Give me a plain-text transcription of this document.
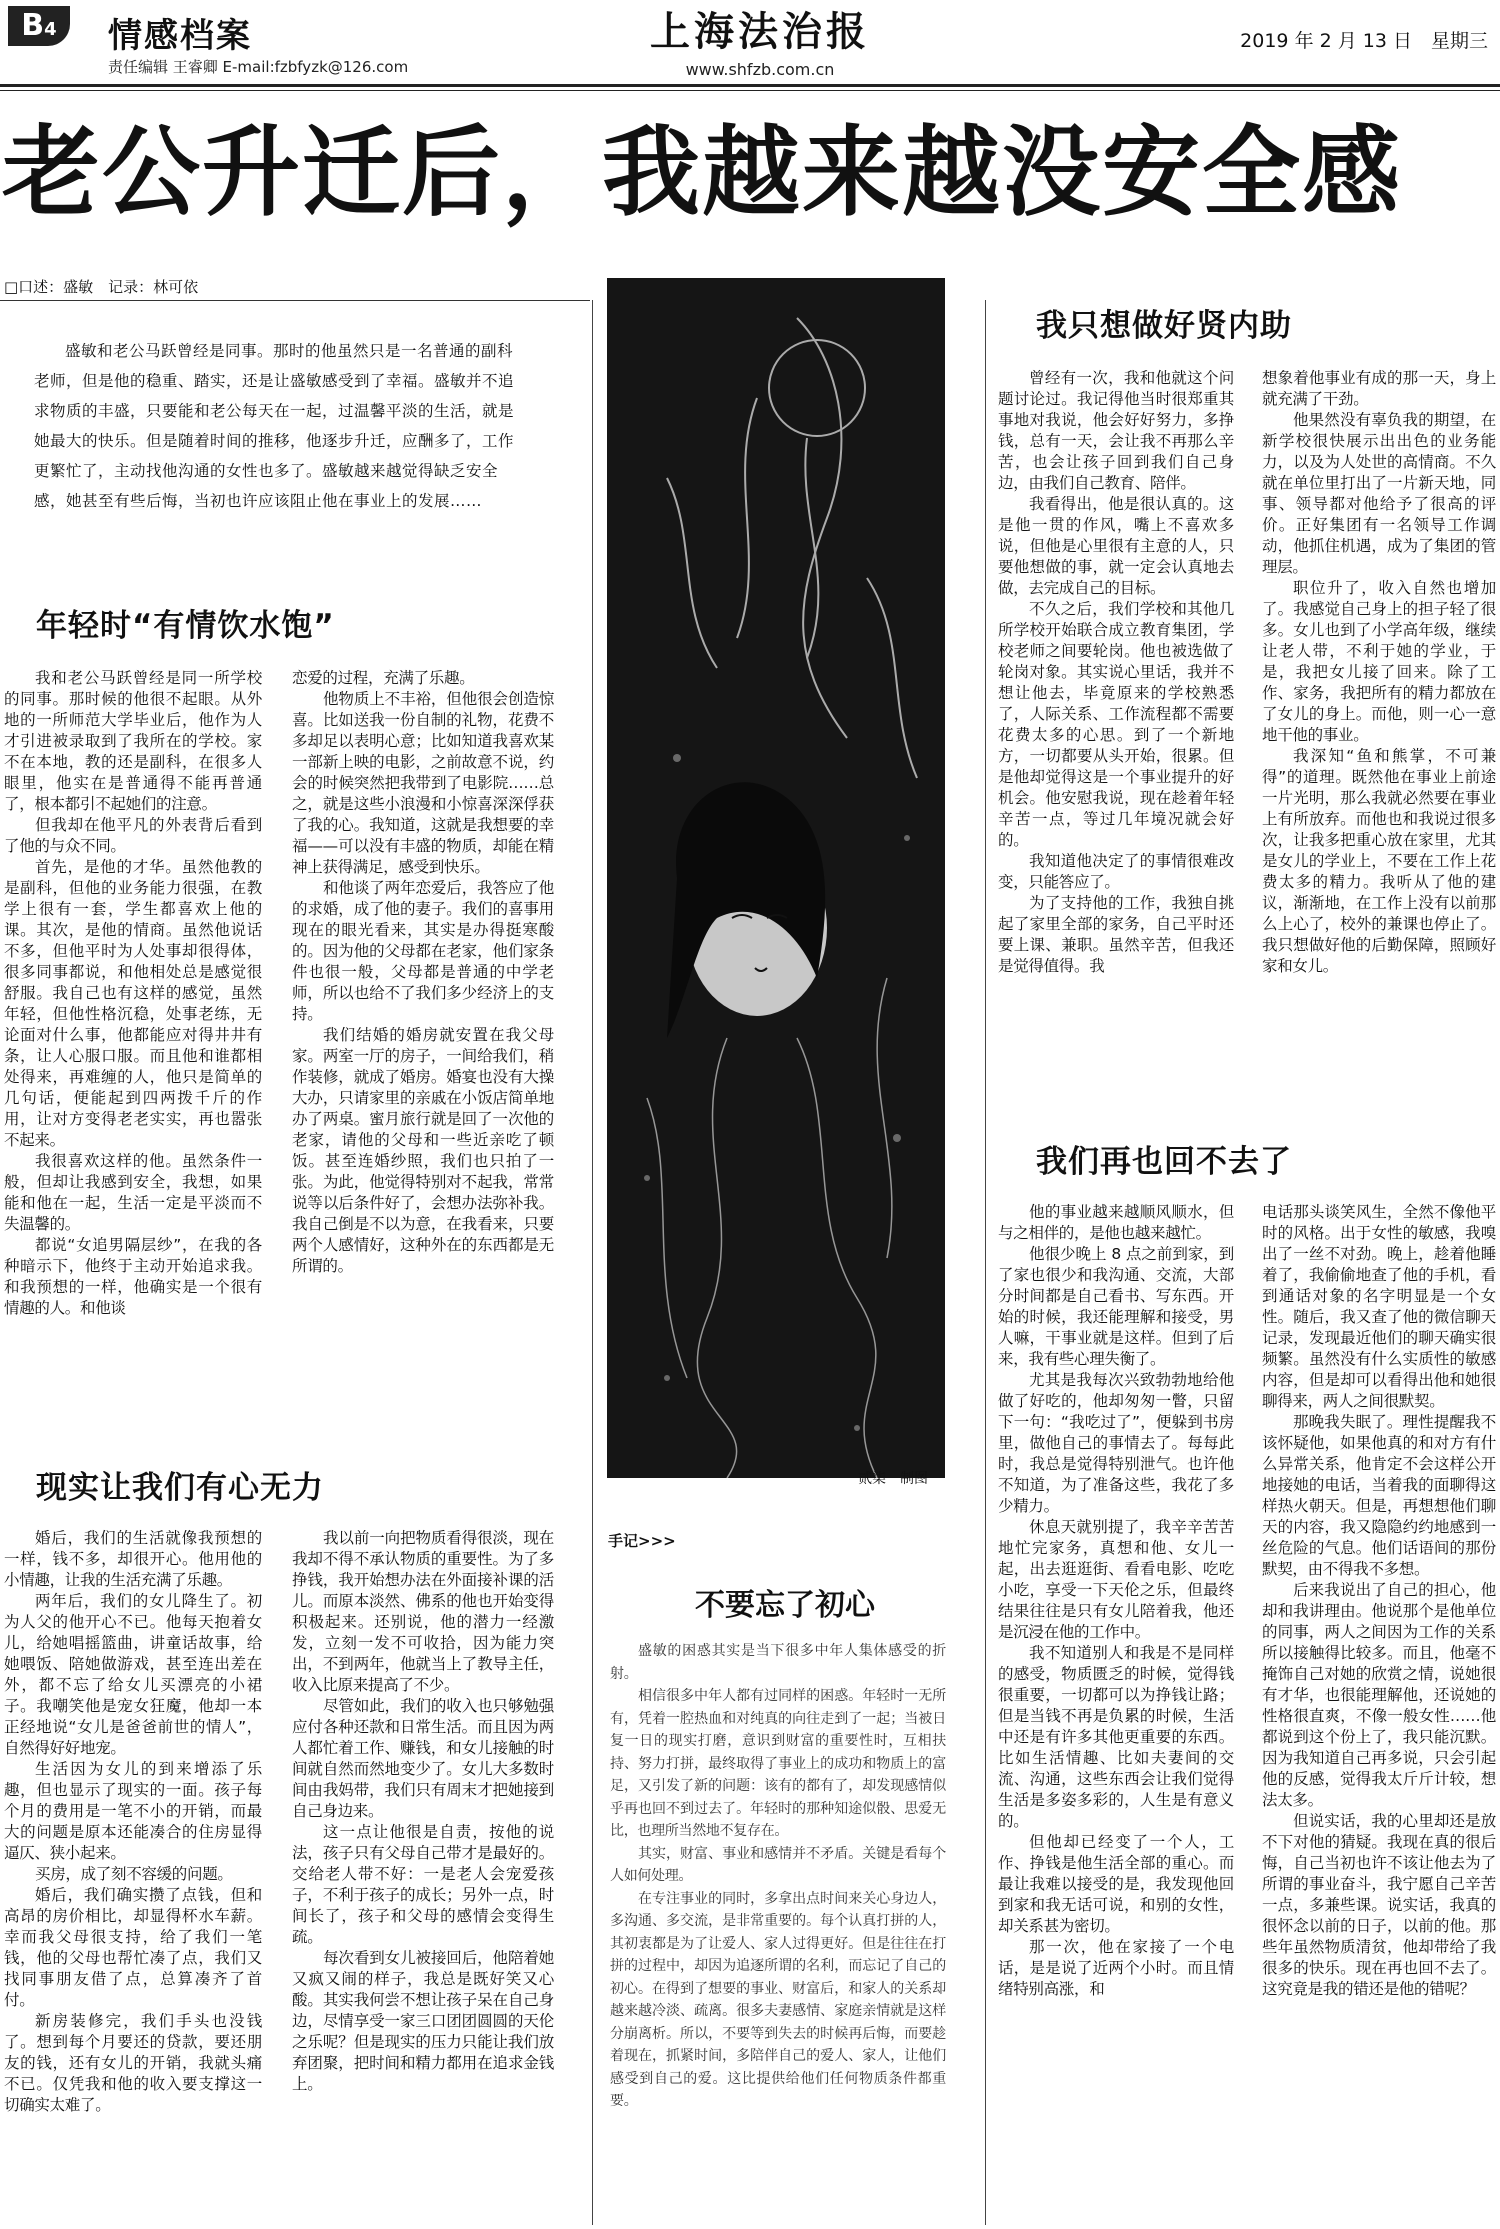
B4	情感档案
责任编辑 王睿卿 E-mail:fzbfyzk@126.com
上海法治报
www.shfzb.com.cn
2019 年 2 月 13 日　星期三
老公升迁后，我越来越没安全感
□口述：盛敏　记录：林可依
盛敏和老公马跃曾经是同事。那时的他虽然只是一名普通的副科老师，但是他的稳重、踏实，还是让盛敏感受到了幸福。盛敏并不追求物质的丰盛，只要能和老公每天在一起，过温馨平淡的生活，就是她最大的快乐。但是随着时间的推移，他逐步升迁，应酬多了，工作更繁忙了，主动找他沟通的女性也多了。盛敏越来越觉得缺乏安全感，她甚至有些后悔，当初也许应该阻止他在事业上的发展……
年轻时“有情饮水饱”

我和老公马跃曾经是同一所学校的同事。那时候的他很不起眼。从外地的一所师范大学毕业后，他作为人才引进被录取到了我所在的学校。家不在本地，教的还是副科，在很多人眼里，他实在是普通得不能再普通了，根本都引不起她们的注意。

但我却在他平凡的外表背后看到了他的与众不同。

首先，是他的才华。虽然他教的是副科，但他的业务能力很强，在教学上很有一套，学生都喜欢上他的课。其次，是他的情商。虽然他说话不多，但他平时为人处事却很得体，很多同事都说，和他相处总是感觉很舒服。我自己也有这样的感觉，虽然年轻，但他性格沉稳，处事老练，无论面对什么事，他都能应对得井井有条，让人心服口服。而且他和谁都相处得来，再难缠的人，他只是简单的几句话，便能起到四两拨千斤的作用，让对方变得老老实实，再也嚣张不起来。

我很喜欢这样的他。虽然条件一般，但却让我感到安全，我想，如果能和他在一起，生活一定是平淡而不失温馨的。

都说“女追男隔层纱”，在我的各种暗示下，他终于主动开始追求我。和我预想的一样，他确实是一个很有情趣的人。和他谈

恋爱的过程，充满了乐趣。

他物质上不丰裕，但他很会创造惊喜。比如送我一份自制的礼物，花费不多却足以表明心意；比如知道我喜欢某一部新上映的电影，之前故意不说，约会的时候突然把我带到了电影院……总之，就是这些小浪漫和小惊喜深深俘获了我的心。我知道，这就是我想要的幸福——可以没有丰盛的物质，却能在精神上获得满足，感受到快乐。

和他谈了两年恋爱后，我答应了他的求婚，成了他的妻子。我们的喜事用现在的眼光看来，其实是办得挺寒酸的。因为他的父母都在老家，他们家条件也很一般，父母都是普通的中学老师，所以也给不了我们多少经济上的支持。

我们结婚的婚房就安置在我父母家。两室一厅的房子，一间给我们，稍作装修，就成了婚房。婚宴也没有大操大办，只请家里的亲戚在小饭店简单地办了两桌。蜜月旅行就是回了一次他的老家，请他的父母和一些近亲吃了顿饭。甚至连婚纱照，我们也只拍了一张。为此，他觉得特别对不起我，常常说等以后条件好了，会想办法弥补我。我自己倒是不以为意，在我看来，只要两个人感情好，这种外在的东西都是无所谓的。

现实让我们有心无力

婚后，我们的生活就像我预想的一样，钱不多，却很开心。他用他的小情趣，让我的生活充满了乐趣。

两年后，我们的女儿降生了。初为人父的他开心不已。他每天抱着女儿，给她唱摇篮曲，讲童话故事，给她喂饭、陪她做游戏，甚至连出差在外，都不忘了给女儿买漂亮的小裙子。我嘲笑他是宠女狂魔，他却一本正经地说“女儿是爸爸前世的情人”，自然得好好地宠。

生活因为女儿的到来增添了乐趣，但也显示了现实的一面。孩子每个月的费用是一笔不小的开销，而最大的问题是原本还能凑合的住房显得逼仄、狭小起来。

买房，成了刻不容缓的问题。

婚后，我们确实攒了点钱，但和高昂的房价相比，却显得杯水车薪。幸而我父母很支持，给了我们一笔钱，他的父母也帮忙凑了点，我们又找同事朋友借了点，总算凑齐了首付。

新房装修完，我们手头也没钱了。想到每个月要还的贷款，要还朋友的钱，还有女儿的开销，我就头痛不已。仅凭我和他的收入要支撑这一切确实太难了。

我以前一向把物质看得很淡，现在我却不得不承认物质的重要性。为了多挣钱，我开始想办法在外面接补课的活儿。而原本淡然、佛系的他也开始变得积极起来。还别说，他的潜力一经激发，立刻一发不可收拾，因为能力突出，不到两年，他就当上了教导主任，收入比原来提高了不少。

尽管如此，我们的收入也只够勉强应付各种还款和日常生活。而且因为两人都忙着工作、赚钱，和女儿接触的时间就自然而然地变少了。女儿大多数时间由我妈带，我们只有周末才把她接到自己身边来。

这一点让他很是自责，按他的说法，孩子只有父母自己带才是最好的。交给老人带不好：一是老人会宠爱孩子，不利于孩子的成长；另外一点，时间长了，孩子和父母的感情会变得生疏。

每次看到女儿被接回后，他陪着她又疯又闹的样子，我总是既好笑又心酸。其实我何尝不想让孩子呆在自己身边，尽情享受一家三口团团圆圆的天伦之乐呢？但是现实的压力只能让我们放弃团聚，把时间和精力都用在追求金钱上。

贰柒　制图
手记>>>
不要忘了初心

盛敏的困惑其实是当下很多中年人集体感受的折射。

相信很多中年人都有过同样的困惑。年轻时一无所有，凭着一腔热血和对纯真的向往走到了一起；当被日复一日的现实打磨，意识到财富的重要性时，互相扶持、努力打拼，最终取得了事业上的成功和物质上的富足，又引发了新的问题：该有的都有了，却发现感情似乎再也回不到过去了。年轻时的那种知途似骰、思爱无比，也理所当然地不复存在。

其实，财富、事业和感情并不矛盾。关键是看每个人如何处理。

在专注事业的同时，多拿出点时间来关心身边人，多沟通、多交流，是非常重要的。每个认真打拼的人，其初衷都是为了让爱人、家人过得更好。但是往往在打拼的过程中，却因为追逐所谓的名利，而忘记了自己的初心。在得到了想要的事业、财富后，和家人的关系却越来越冷淡、疏离。很多夫妻感情、家庭亲情就是这样分崩离析。所以，不要等到失去的时候再后悔，而要趁着现在，抓紧时间，多陪伴自己的爱人、家人，让他们感受到自己的爱。这比提供给他们任何物质条件都重要。

我只想做好贤内助

曾经有一次，我和他就这个问题讨论过。我记得他当时很郑重其事地对我说，他会好好努力，多挣钱，总有一天，会让我不再那么辛苦，也会让孩子回到我们自己身边，由我们自己教育、陪伴。

我看得出，他是很认真的。这是他一贯的作风，嘴上不喜欢多说，但他是心里很有主意的人，只要他想做的事，就一定会认真地去做，去完成自己的目标。

不久之后，我们学校和其他几所学校开始联合成立教育集团，学校老师之间要轮岗。他也被选做了轮岗对象。其实说心里话，我并不想让他去，毕竟原来的学校熟悉了，人际关系、工作流程都不需要花费太多的心思。到了一个新地方，一切都要从头开始，很累。但是他却觉得这是一个事业提升的好机会。他安慰我说，现在趁着年轻辛苦一点，等过几年境况就会好的。

我知道他决定了的事情很难改变，只能答应了。

为了支持他的工作，我独自挑起了家里全部的家务，自己平时还要上课、兼职。虽然辛苦，但我还是觉得值得。我

想象着他事业有成的那一天，身上就充满了干劲。

他果然没有辜负我的期望，在新学校很快展示出出色的业务能力，以及为人处世的高情商。不久就在单位里打出了一片新天地，同事、领导都对他给予了很高的评价。正好集团有一名领导工作调动，他抓住机遇，成为了集团的管理层。

职位升了，收入自然也增加了。我感觉自己身上的担子轻了很多。女儿也到了小学高年级，继续让老人带，不利于她的学业，于是，我把女儿接了回来。除了工作、家务，我把所有的精力都放在了女儿的身上。而他，则一心一意地干他的事业。

我深知“鱼和熊掌，不可兼得”的道理。既然他在事业上前途一片光明，那么我就必然要在事业上有所放弃。而他也和我说过很多次，让我多把重心放在家里，尤其是女儿的学业上，不要在工作上花费太多的精力。我听从了他的建议，渐渐地，在工作上没有以前那么上心了，校外的兼课也停止了。我只想做好他的后勤保障，照顾好家和女儿。

我们再也回不去了

他的事业越来越顺风顺水，但与之相伴的，是他也越来越忙。

他很少晚上 8 点之前到家，到了家也很少和我沟通、交流，大部分时间都是自己看书、写东西。开始的时候，我还能理解和接受，男人嘛，干事业就是这样。但到了后来，我有些心理失衡了。

尤其是我每次兴致勃勃地给他做了好吃的，他却匆匆一瞥，只留下一句：“我吃过了”，便躲到书房里，做他自己的事情去了。每每此时，我总是觉得特别泄气。也许他不知道，为了准备这些，我花了多少精力。

休息天就别提了，我辛辛苦苦地忙完家务，真想和他、女儿一起，出去逛逛街、看看电影、吃吃小吃，享受一下天伦之乐，但最终结果往往是只有女儿陪着我，他还是沉浸在他的工作中。

我不知道别人和我是不是同样的感受，物质匮乏的时候，觉得钱很重要，一切都可以为挣钱让路；但是当钱不再是负累的时候，生活中还是有许多其他更重要的东西。比如生活情趣、比如夫妻间的交流、沟通，这些东西会让我们觉得生活是多姿多彩的，人生是有意义的。

但他却已经变了一个人，工作、挣钱是他生活全部的重心。而最让我难以接受的是，我发现他回到家和我无话可说，和别的女性，却关系甚为密切。

那一次，他在家接了一个电话，是是说了近两个小时。而且情绪特别高涨，和

电话那头谈笑风生，全然不像他平时的风格。出于女性的敏感，我嗅出了一丝不对劲。晚上，趁着他睡着了，我偷偷地查了他的手机，看到通话对象的名字明显是一个女性。随后，我又查了他的微信聊天记录，发现最近他们的聊天确实很频繁。虽然没有什么实质性的敏感内容，但是却可以看得出他和她很聊得来，两人之间很默契。

那晚我失眠了。理性提醒我不该怀疑他，如果他真的和对方有什么异常关系，他肯定不会这样公开地接她的电话，当着我的面聊得这样热火朝天。但是，再想想他们聊天的内容，我又隐隐约约地感到一丝危险的气息。他们话语间的那份默契，由不得我不多想。

后来我说出了自己的担心，他却和我讲理由。他说那个是他单位的同事，两人之间因为工作的关系所以接触得比较多。而且，他毫不掩饰自己对她的欣赏之情，说她很有才华，也很能理解他，还说她的性格很直爽，不像一般女性……他都说到这个份上了，我只能沉默。因为我知道自己再多说，只会引起他的反感，觉得我太斤斤计较，想法太多。

但说实话，我的心里却还是放不下对他的猜疑。我现在真的很后悔，自己当初也许不该让他去为了所谓的事业奋斗，我宁愿自己辛苦一点，多兼些课。说实话，我真的很怀念以前的日子，以前的他。那些年虽然物质清贫，他却带给了我很多的快乐。现在再也回不去了。这究竟是我的错还是他的错呢？
